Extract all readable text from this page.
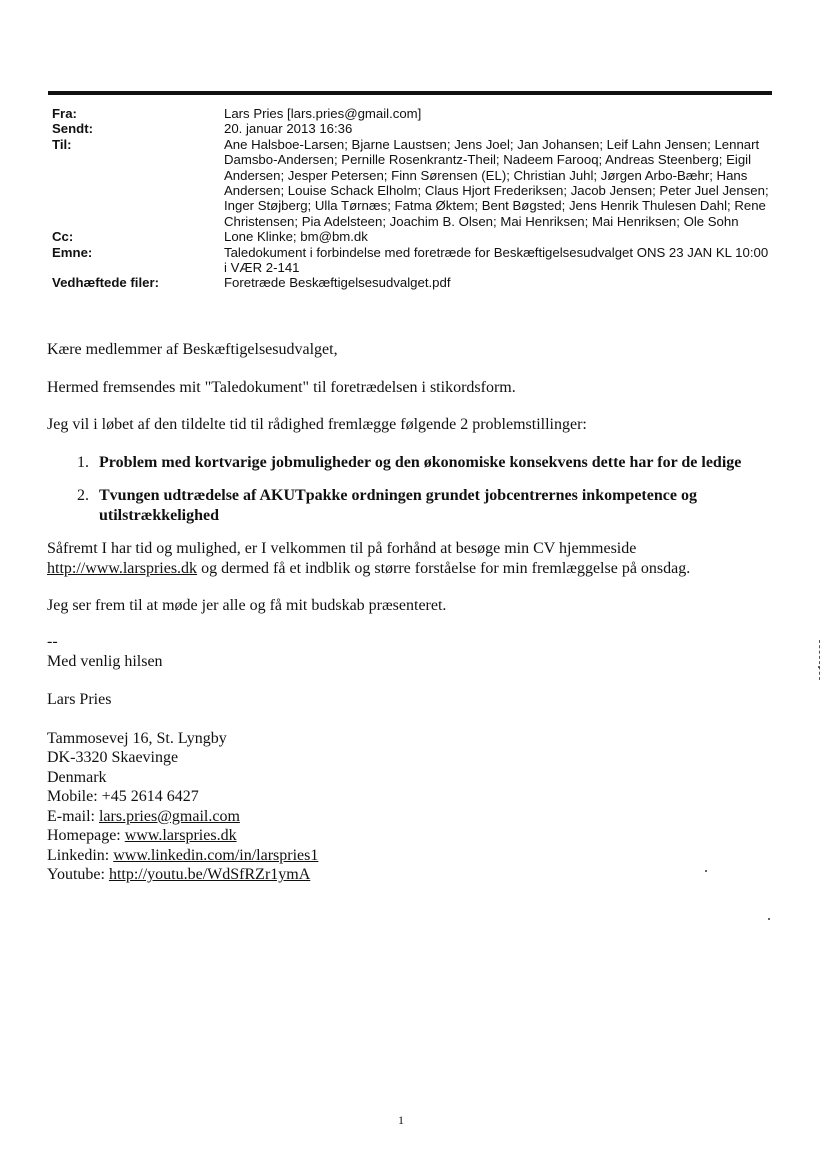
Fra:	Lars Pries [lars.pries@gmail.com]
Sendt:	20. januar 2013 16:36
Til:	Ane Halsboe-Larsen; Bjarne Laustsen; Jens Joel; Jan Johansen; Leif Lahn Jensen; Lennart Damsbo-Andersen; Pernille Rosenkrantz-Theil; Nadeem Farooq; Andreas Steenberg; Eigil Andersen; Jesper Petersen; Finn Sørensen (EL); Christian Juhl; Jørgen Arbo-Bæhr; Hans Andersen; Louise Schack Elholm; Claus Hjort Frederiksen; Jacob Jensen; Peter Juel Jensen; Inger Støjberg; Ulla Tørnæs; Fatma Øktem; Bent Bøgsted; Jens Henrik Thulesen Dahl; Rene Christensen; Pia Adelsteen; Joachim B. Olsen; Mai Henriksen; Mai Henriksen; Ole Sohn
Cc:	Lone Klinke; bm@bm.dk
Emne:	Taledokument i forbindelse med foretræde for Beskæftigelsesudvalget ONS 23 JAN KL 10:00 i VÆR 2-141
Vedhæftede filer:	Foretræde Beskæftigelsesudvalget.pdf

Kære medlemmer af Beskæftigelsesudvalget,

Hermed fremsendes mit "Taledokument" til foretrædelsen i stikordsform.

Jeg vil i løbet af den tildelte tid til rådighed fremlægge følgende 2 problemstillinger:

1. Problem med kortvarige jobmuligheder og den økonomiske konsekvens dette har for de ledige
2. Tvungen udtrædelse af AKUTpakke ordningen grundet jobcentrernes inkompetence og utilstrækkelighed

Såfremt I har tid og mulighed, er I velkommen til på forhånd at besøge min CV hjemmeside
http://www.larspries.dk og dermed få et indblik og større forståelse for min fremlæggelse på onsdag.

Jeg ser frem til at møde jer alle og få mit budskab præsenteret.

--

Med venlig hilsen

Lars Pries

Tammosevej 16, St. Lyngby

DK-3320 Skaevinge

Denmark

Mobile: +45 2614 6427

E-mail: lars.pries@gmail.com

Homepage: www.larspries.dk

Linkedin: www.linkedin.com/in/larspries1

Youtube: http://youtu.be/WdSfRZr1ymA

1
